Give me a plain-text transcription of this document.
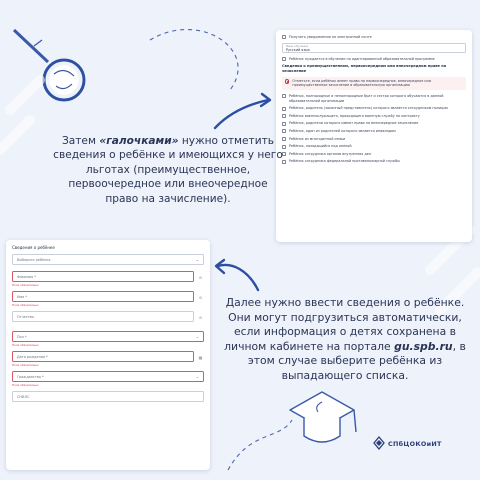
Получать уведомления по электронной почте
Язык обучения
Русский язык
Ребёнок нуждается в обучении по адаптированной образовательной программе
Сведения о преимущественном, первоочередном или внеочередном праве на зачисление
Отметьте, если ребёнок имеет право на первоочередное, внеочередное или преимущественное зачисление в образовательную организацию
Ребёнок, полнородные и неполнородные брат и сестра которого обучаются в данной образовательной организации
Ребёнок, родитель (законный представитель) которого является сотрудником полиции
Ребёнок военнослужащего, проходящего военную службу по контракту
Ребёнок, родители которого имеют право на внеочередное зачисление
Ребёнок, один из родителей которого является инвалидом
Ребёнок из многодетной семьи
Ребёнок, находящийся под опекой
Ребёнок сотрудника органов внутренних дел
Ребёнок сотрудника федеральной противопожарной службы
Затем «галочками» нужно отметить сведения о ребёнке и имеющихся у него льготах (преимущественное, первоочередное или внеочередное право на зачисление).
Сведения о ребёнке
Выберите ребёнка	⌄
Фамилия *	⊙
Поле обязательно
Имя *	⊙
Поле обязательно
Отчество	⊙
Пол *	⌄
Поле обязательно
Дата рождения *	▦
Поле обязательно
Гражданство *	⌄
Поле обязательно
СНИЛС
Далее нужно ввести сведения о ребёнке. Они могут подгрузиться автоматически, если информация о детях сохранена в личном кабинете на портале gu.spb.ru, в этом случае выберите ребёнка из выпадающего списка.
СПбЦОКОиИТ
